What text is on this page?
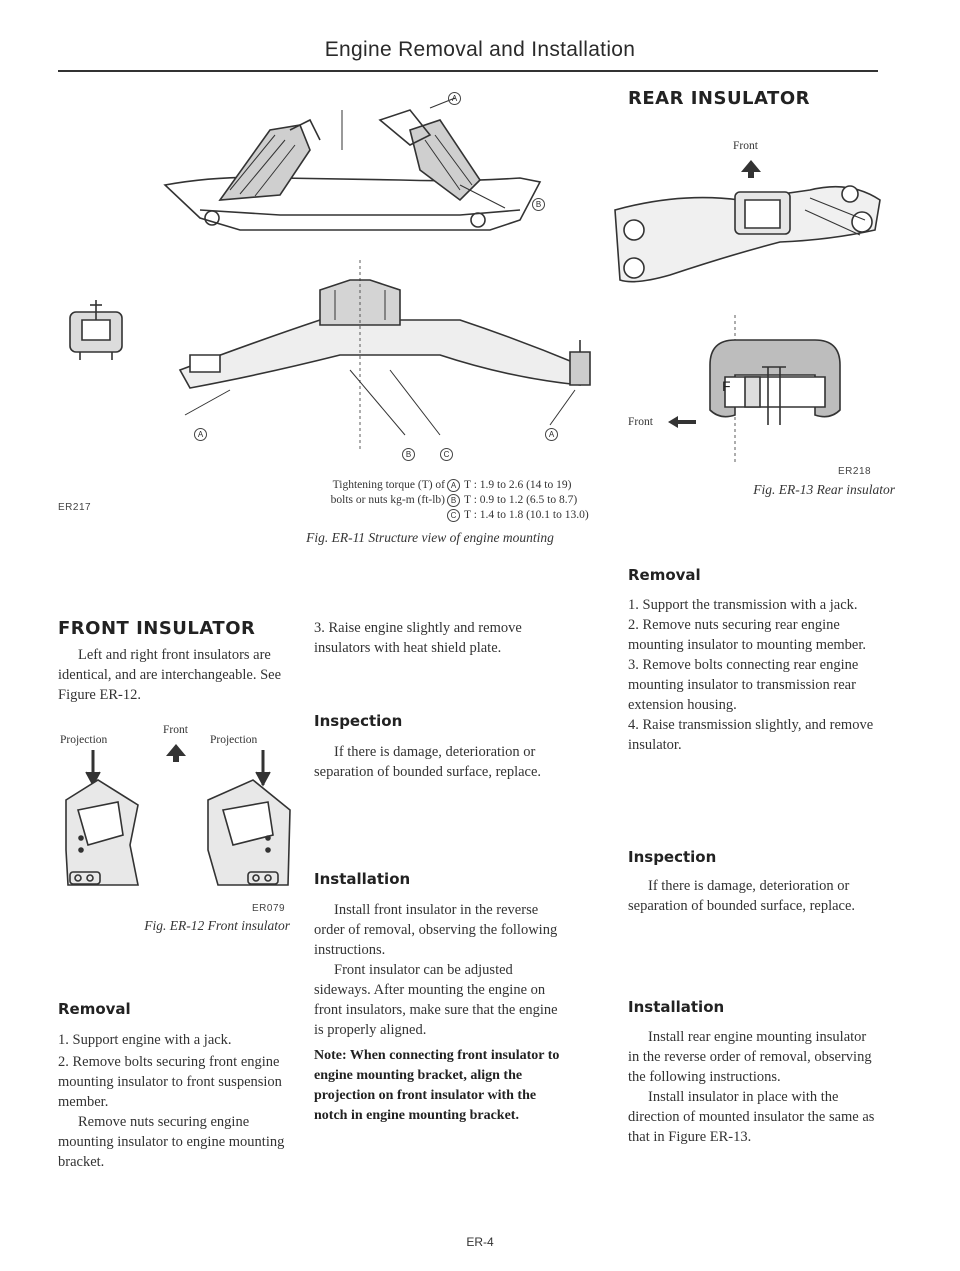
Engine Removal and Installation
A
B
A
B	C
A
ER217
Tightening torque (T) of
bolts or nuts kg-m (ft-lb)
A T : 1.9 to 2.6 (14 to 19)
B T : 0.9 to 1.2 (6.5 to 8.7)
C T : 1.4 to 1.8 (10.1 to 13.0)
Fig. ER-11 Structure view of engine mounting
REAR INSULATOR
Front
F
Front
ER218
Fig. ER-13 Rear insulator
Removal

1. Support the transmission with a jack.

2. Remove nuts securing rear engine mounting insulator to mounting member.

3. Remove bolts connecting rear engine mounting insulator to transmission rear extension housing.

4. Raise transmission slightly, and remove insulator.

Inspection

If there is damage, deterioration or separation of bounded surface, replace.

Installation

Install rear engine mounting insulator in the reverse order of removal, observing the following instructions.

Install insulator in place with the direction of mounted insulator the same as that in Figure ER-13.

FRONT INSULATOR

Left and right front insulators are identical, and are interchangeable. See Figure ER-12.

Projection
Front
Projection
ER079
Fig. ER-12 Front insulator
Removal

1. Support engine with a jack.

2. Remove bolts securing front engine mounting insulator to front suspension member.

Remove nuts securing engine mounting insulator to engine mounting bracket.

3. Raise engine slightly and remove insulators with heat shield plate.

Inspection

If there is damage, deterioration or separation of bounded surface, replace.

Installation

Install front insulator in the reverse order of removal, observing the following instructions.

Front insulator can be adjusted sideways. After mounting the engine on front insulators, make sure that the engine is properly aligned.

Note: When connecting front insulator to engine mounting bracket, align the projection on front insulator with the notch in engine mounting bracket.
ER-4
